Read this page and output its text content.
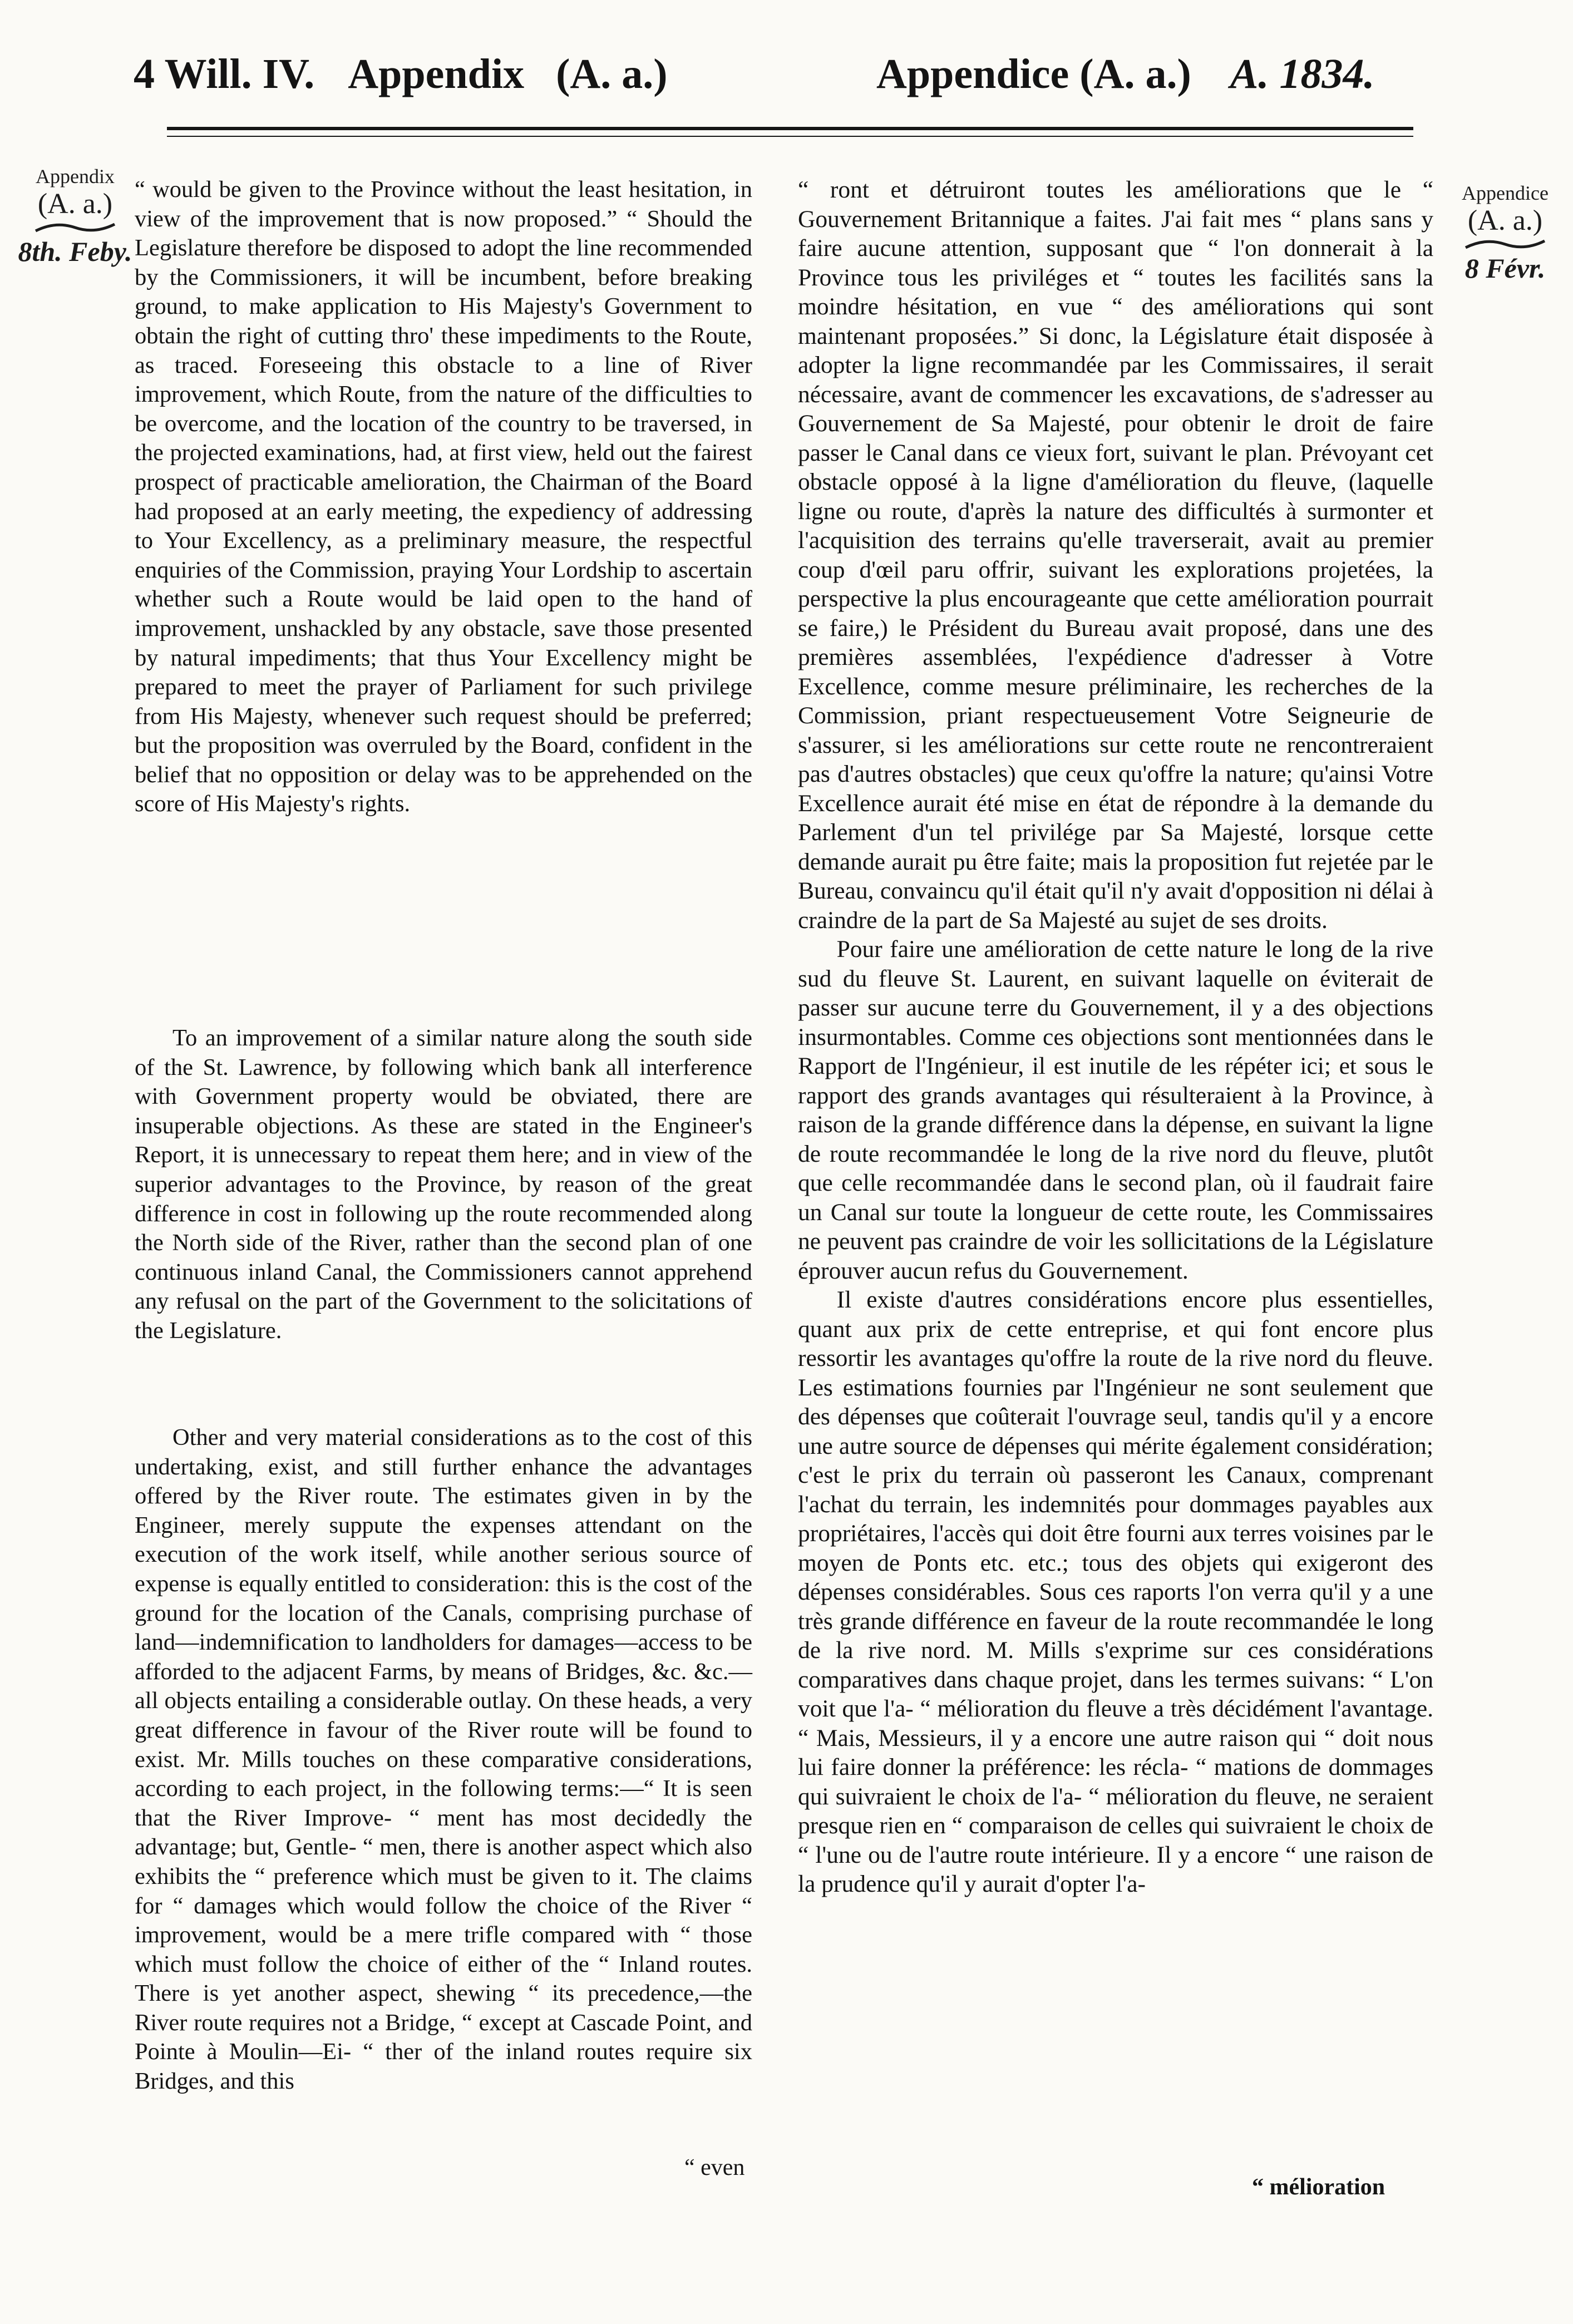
4 Will. IV. Appendix (A. a.)	Appendice (A. a.) A. 1834.
Appendix
(A. a.)
8th. Feby.
Appendice
(A. a.)
8 Févr.

“ would be given to the Province without the least hesitation, in view of the improvement that is now proposed.” “ Should the Legislature therefore be disposed to adopt the line recommended by the Commissioners, it will be incumbent, before breaking ground, to make application to His Majesty's Government to obtain the right of cutting thro' these impediments to the Route, as traced. Foreseeing this obstacle to a line of River improvement, which Route, from the nature of the difficulties to be overcome, and the location of the country to be traversed, in the projected examinations, had, at first view, held out the fairest prospect of practicable amelioration, the Chairman of the Board had proposed at an early meeting, the expediency of addressing to Your Excellency, as a preliminary measure, the respectful enquiries of the Commission, praying Your Lordship to ascertain whether such a Route would be laid open to the hand of improvement, unshackled by any obstacle, save those presented by natural impediments; that thus Your Excellency might be prepared to meet the prayer of Parliament for such privilege from His Majesty, whenever such request should be preferred; but the proposition was overruled by the Board, confident in the belief that no opposition or delay was to be apprehended on the score of His Majesty's rights.

To an improvement of a similar nature along the south side of the St. Lawrence, by following which bank all interference with Government property would be obviated, there are insuperable objections. As these are stated in the Engineer's Report, it is unnecessary to repeat them here; and in view of the superior advantages to the Province, by reason of the great difference in cost in following up the route recommended along the North side of the River, rather than the second plan of one continuous inland Canal, the Commissioners cannot apprehend any refusal on the part of the Government to the solicitations of the Legislature.

Other and very material considerations as to the cost of this undertaking, exist, and still further enhance the advantages offered by the River route. The estimates given in by the Engineer, merely suppute the expenses attendant on the execution of the work itself, while another serious source of expense is equally entitled to consideration: this is the cost of the ground for the location of the Canals, comprising purchase of land—indemnification to landholders for damages—access to be afforded to the adjacent Farms, by means of Bridges, &c. &c.—all objects entailing a considerable outlay. On these heads, a very great difference in favour of the River route will be found to exist. Mr. Mills touches on these comparative considerations, according to each project, in the following terms:—“ It is seen that the River Improve- “ ment has most decidedly the advantage; but, Gentle- “ men, there is another aspect which also exhibits the “ preference which must be given to it. The claims for “ damages which would follow the choice of the River “ improvement, would be a mere trifle compared with “ those which must follow the choice of either of the “ Inland routes. There is yet another aspect, shewing “ its precedence,—the River route requires not a Bridge, “ except at Cascade Point, and Pointe à Moulin—Ei- “ ther of the inland routes require six Bridges, and this

“ even

“ ront et détruiront toutes les améliorations que le “ Gouvernement Britannique a faites. J'ai fait mes “ plans sans y faire aucune attention, supposant que “ l'on donnerait à la Province tous les priviléges et “ toutes les facilités sans la moindre hésitation, en vue “ des améliorations qui sont maintenant proposées.” Si donc, la Législature était disposée à adopter la ligne recommandée par les Commissaires, il serait nécessaire, avant de commencer les excavations, de s'adresser au Gouvernement de Sa Majesté, pour obtenir le droit de faire passer le Canal dans ce vieux fort, suivant le plan. Prévoyant cet obstacle opposé à la ligne d'amélioration du fleuve, (laquelle ligne ou route, d'après la nature des difficultés à surmonter et l'acquisition des terrains qu'elle traverserait, avait au premier coup d'œil paru offrir, suivant les explorations projetées, la perspective la plus encourageante que cette amélioration pourrait se faire,) le Président du Bureau avait proposé, dans une des premières assemblées, l'expédience d'adresser à Votre Excellence, comme mesure préliminaire, les recherches de la Commission, priant respectueusement Votre Seigneurie de s'assurer, si les améliorations sur cette route ne rencontreraient pas d'autres obstacles) que ceux qu'offre la nature; qu'ainsi Votre Excellence aurait été mise en état de répondre à la demande du Parlement d'un tel privilége par Sa Majesté, lorsque cette demande aurait pu être faite; mais la proposition fut rejetée par le Bureau, convaincu qu'il était qu'il n'y avait d'opposition ni délai à craindre de la part de Sa Majesté au sujet de ses droits.

Pour faire une amélioration de cette nature le long de la rive sud du fleuve St. Laurent, en suivant laquelle on éviterait de passer sur aucune terre du Gouvernement, il y a des objections insurmontables. Comme ces objections sont mentionnées dans le Rapport de l'Ingénieur, il est inutile de les répéter ici; et sous le rapport des grands avantages qui résulteraient à la Province, à raison de la grande différence dans la dépense, en suivant la ligne de route recommandée le long de la rive nord du fleuve, plutôt que celle recommandée dans le second plan, où il faudrait faire un Canal sur toute la longueur de cette route, les Commissaires ne peuvent pas craindre de voir les sollicitations de la Législature éprouver aucun refus du Gouvernement.

Il existe d'autres considérations encore plus essentielles, quant aux prix de cette entreprise, et qui font encore plus ressortir les avantages qu'offre la route de la rive nord du fleuve. Les estimations fournies par l'Ingénieur ne sont seulement que des dépenses que coûterait l'ouvrage seul, tandis qu'il y a encore une autre source de dépenses qui mérite également considération; c'est le prix du terrain où passeront les Canaux, comprenant l'achat du terrain, les indemnités pour dommages payables aux propriétaires, l'accès qui doit être fourni aux terres voisines par le moyen de Ponts etc. etc.; tous des objets qui exigeront des dépenses considérables. Sous ces raports l'on verra qu'il y a une très grande différence en faveur de la route recommandée le long de la rive nord. M. Mills s'exprime sur ces considérations comparatives dans chaque projet, dans les termes suivans: “ L'on voit que l'a- “ mélioration du fleuve a très décidément l'avantage. “ Mais, Messieurs, il y a encore une autre raison qui “ doit nous lui faire donner la préférence: les récla- “ mations de dommages qui suivraient le choix de l'a- “ mélioration du fleuve, ne seraient presque rien en “ comparaison de celles qui suivraient le choix de “ l'une ou de l'autre route intérieure. Il y a encore “ une raison de la prudence qu'il y aurait d'opter l'a-

“ mélioration
